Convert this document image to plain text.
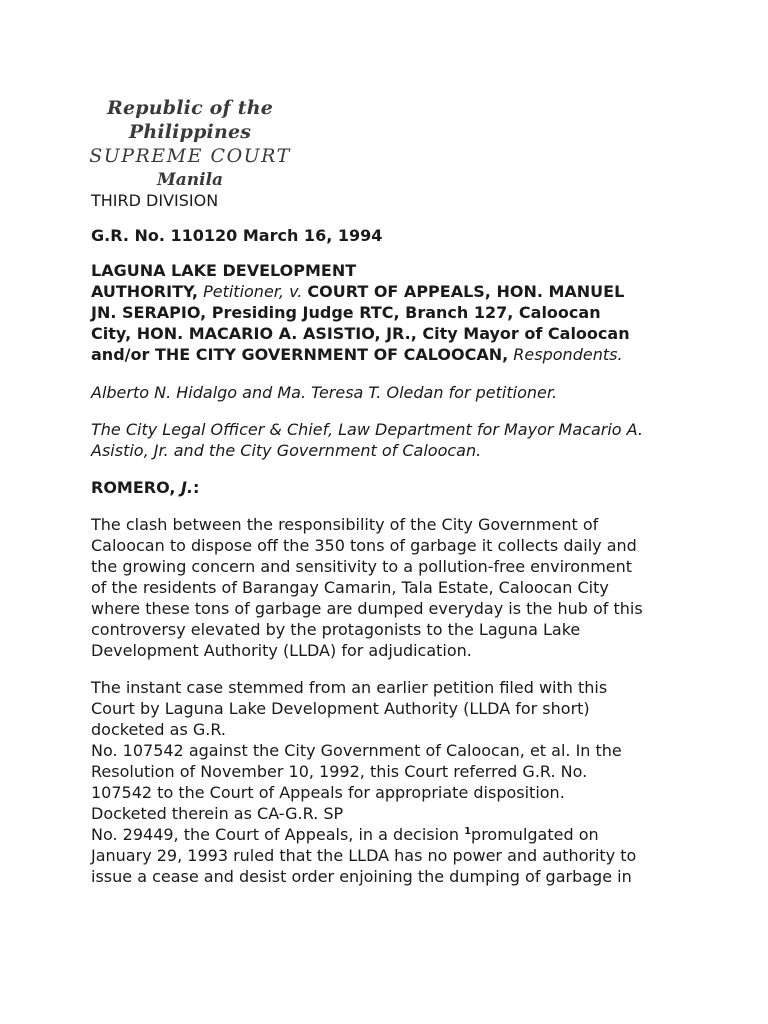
Republic of the Philippines
SUPREME COURT
Manila

THIRD DIVISION

G.R. No. 110120 March 16, 1994

LAGUNA LAKE DEVELOPMENT
AUTHORITY, Petitioner, v. COURT OF APPEALS, HON. MANUEL
JN. SERAPIO, Presiding Judge RTC, Branch 127, Caloocan
City, HON. MACARIO A. ASISTIO, JR., City Mayor of Caloocan
and/or THE CITY GOVERNMENT OF CALOOCAN, Respondents.

Alberto N. Hidalgo and Ma. Teresa T. Oledan for petitioner.

The City Legal Officer & Chief, Law Department for Mayor Macario A.
Asistio, Jr. and the City Government of Caloocan.

ROMERO, J.:

The clash between the responsibility of the City Government of
Caloocan to dispose off the 350 tons of garbage it collects daily and
the growing concern and sensitivity to a pollution-free environment
of the residents of Barangay Camarin, Tala Estate, Caloocan City
where these tons of garbage are dumped everyday is the hub of this
controversy elevated by the protagonists to the Laguna Lake
Development Authority (LLDA) for adjudication.

The instant case stemmed from an earlier petition filed with this
Court by Laguna Lake Development Authority (LLDA for short)
docketed as G.R.
No. 107542 against the City Government of Caloocan, et al. In the
Resolution of November 10, 1992, this Court referred G.R. No.
107542 to the Court of Appeals for appropriate disposition.
Docketed therein as CA-G.R. SP
No. 29449, the Court of Appeals, in a decision $^1$promulgated on
January 29, 1993 ruled that the LLDA has no power and authority to
issue a cease and desist order enjoining the dumping of garbage in
